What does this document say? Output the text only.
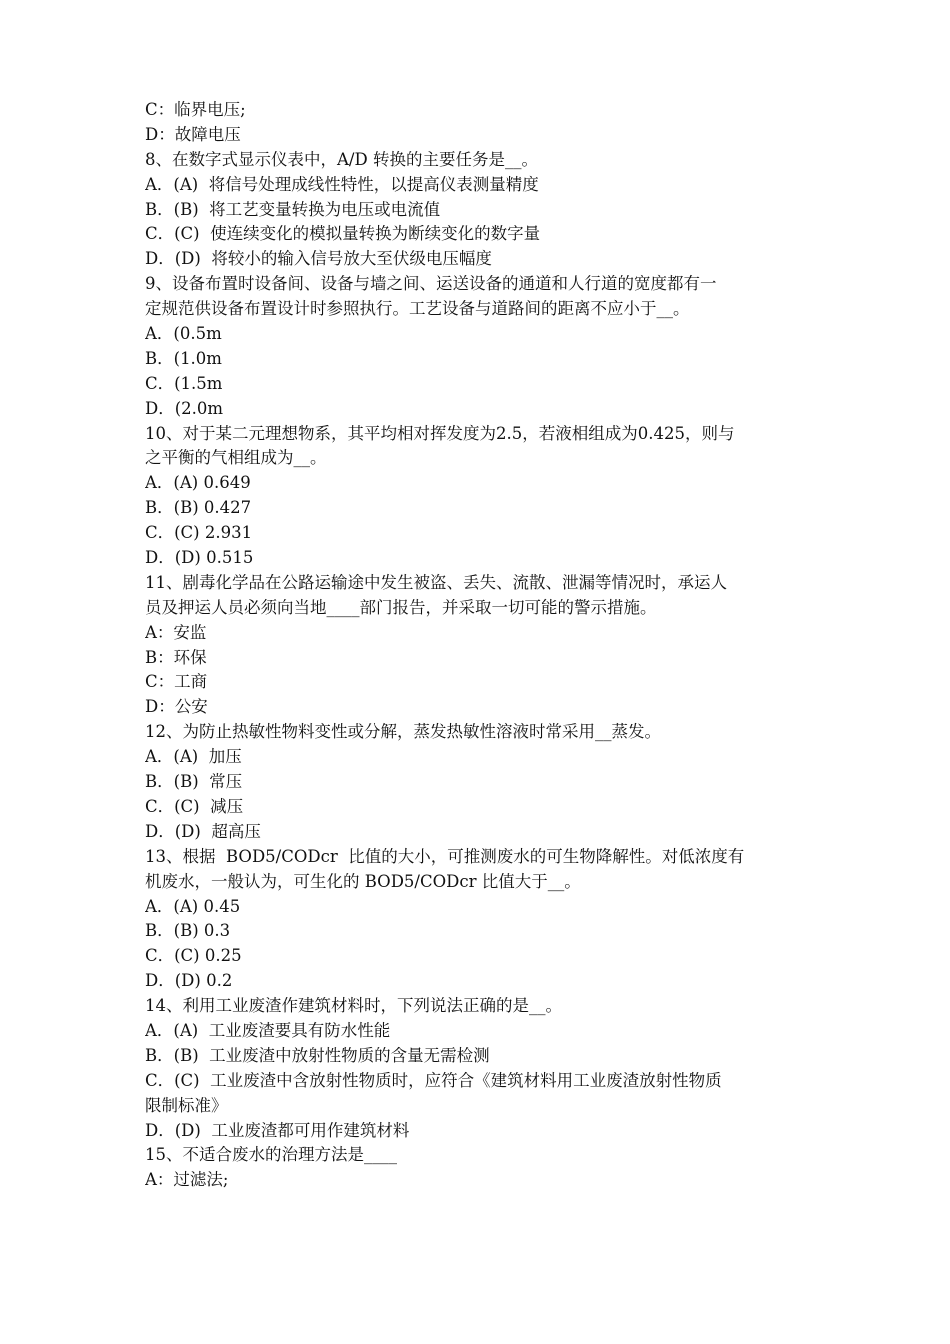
C：临界电压;
D：故障电压
8、在数字式显示仪表中，A/D 转换的主要任务是__。
A．(A)  将信号处理成线性特性，以提高仪表测量精度
B．(B)  将工艺变量转换为电压或电流值
C．(C)  使连续变化的模拟量转换为断续变化的数字量
D．(D)  将较小的输入信号放大至伏级电压幅度
9、设备布置时设备间、设备与墙之间、运送设备的通道和人行道的宽度都有一
定规范供设备布置设计时参照执行。工艺设备与道路间的距离不应小于__。
A．(0.5m
B．(1.0m
C．(1.5m
D．(2.0m
10、对于某二元理想物系，其平均相对挥发度为2.5，若液相组成为0.425，则与
之平衡的气相组成为__。
A．(A) 0.649
B．(B) 0.427
C．(C) 2.931
D．(D) 0.515
11、剧毒化学品在公路运输途中发生被盗、丢失、流散、泄漏等情况时，承运人
员及押运人员必须向当地____部门报告，并采取一切可能的警示措施。
A：安监
B：环保
C：工商
D：公安
12、为防止热敏性物料变性或分解，蒸发热敏性溶液时常采用__蒸发。
A．(A)  加压
B．(B)  常压
C．(C)  减压
D．(D)  超高压
13、根据  BOD5/CODcr  比值的大小，可推测废水的可生物降解性。对低浓度有
机废水，一般认为，可生化的 BOD5/CODcr 比值大于__。
A．(A) 0.45
B．(B) 0.3
C．(C) 0.25
D．(D) 0.2
14、利用工业废渣作建筑材料时，下列说法正确的是__。
A．(A)  工业废渣要具有防水性能
B．(B)  工业废渣中放射性物质的含量无需检测
C．(C)  工业废渣中含放射性物质时，应符合《建筑材料用工业废渣放射性物质
限制标准》
D．(D)  工业废渣都可用作建筑材料
15、不适合废水的治理方法是____
A：过滤法;
